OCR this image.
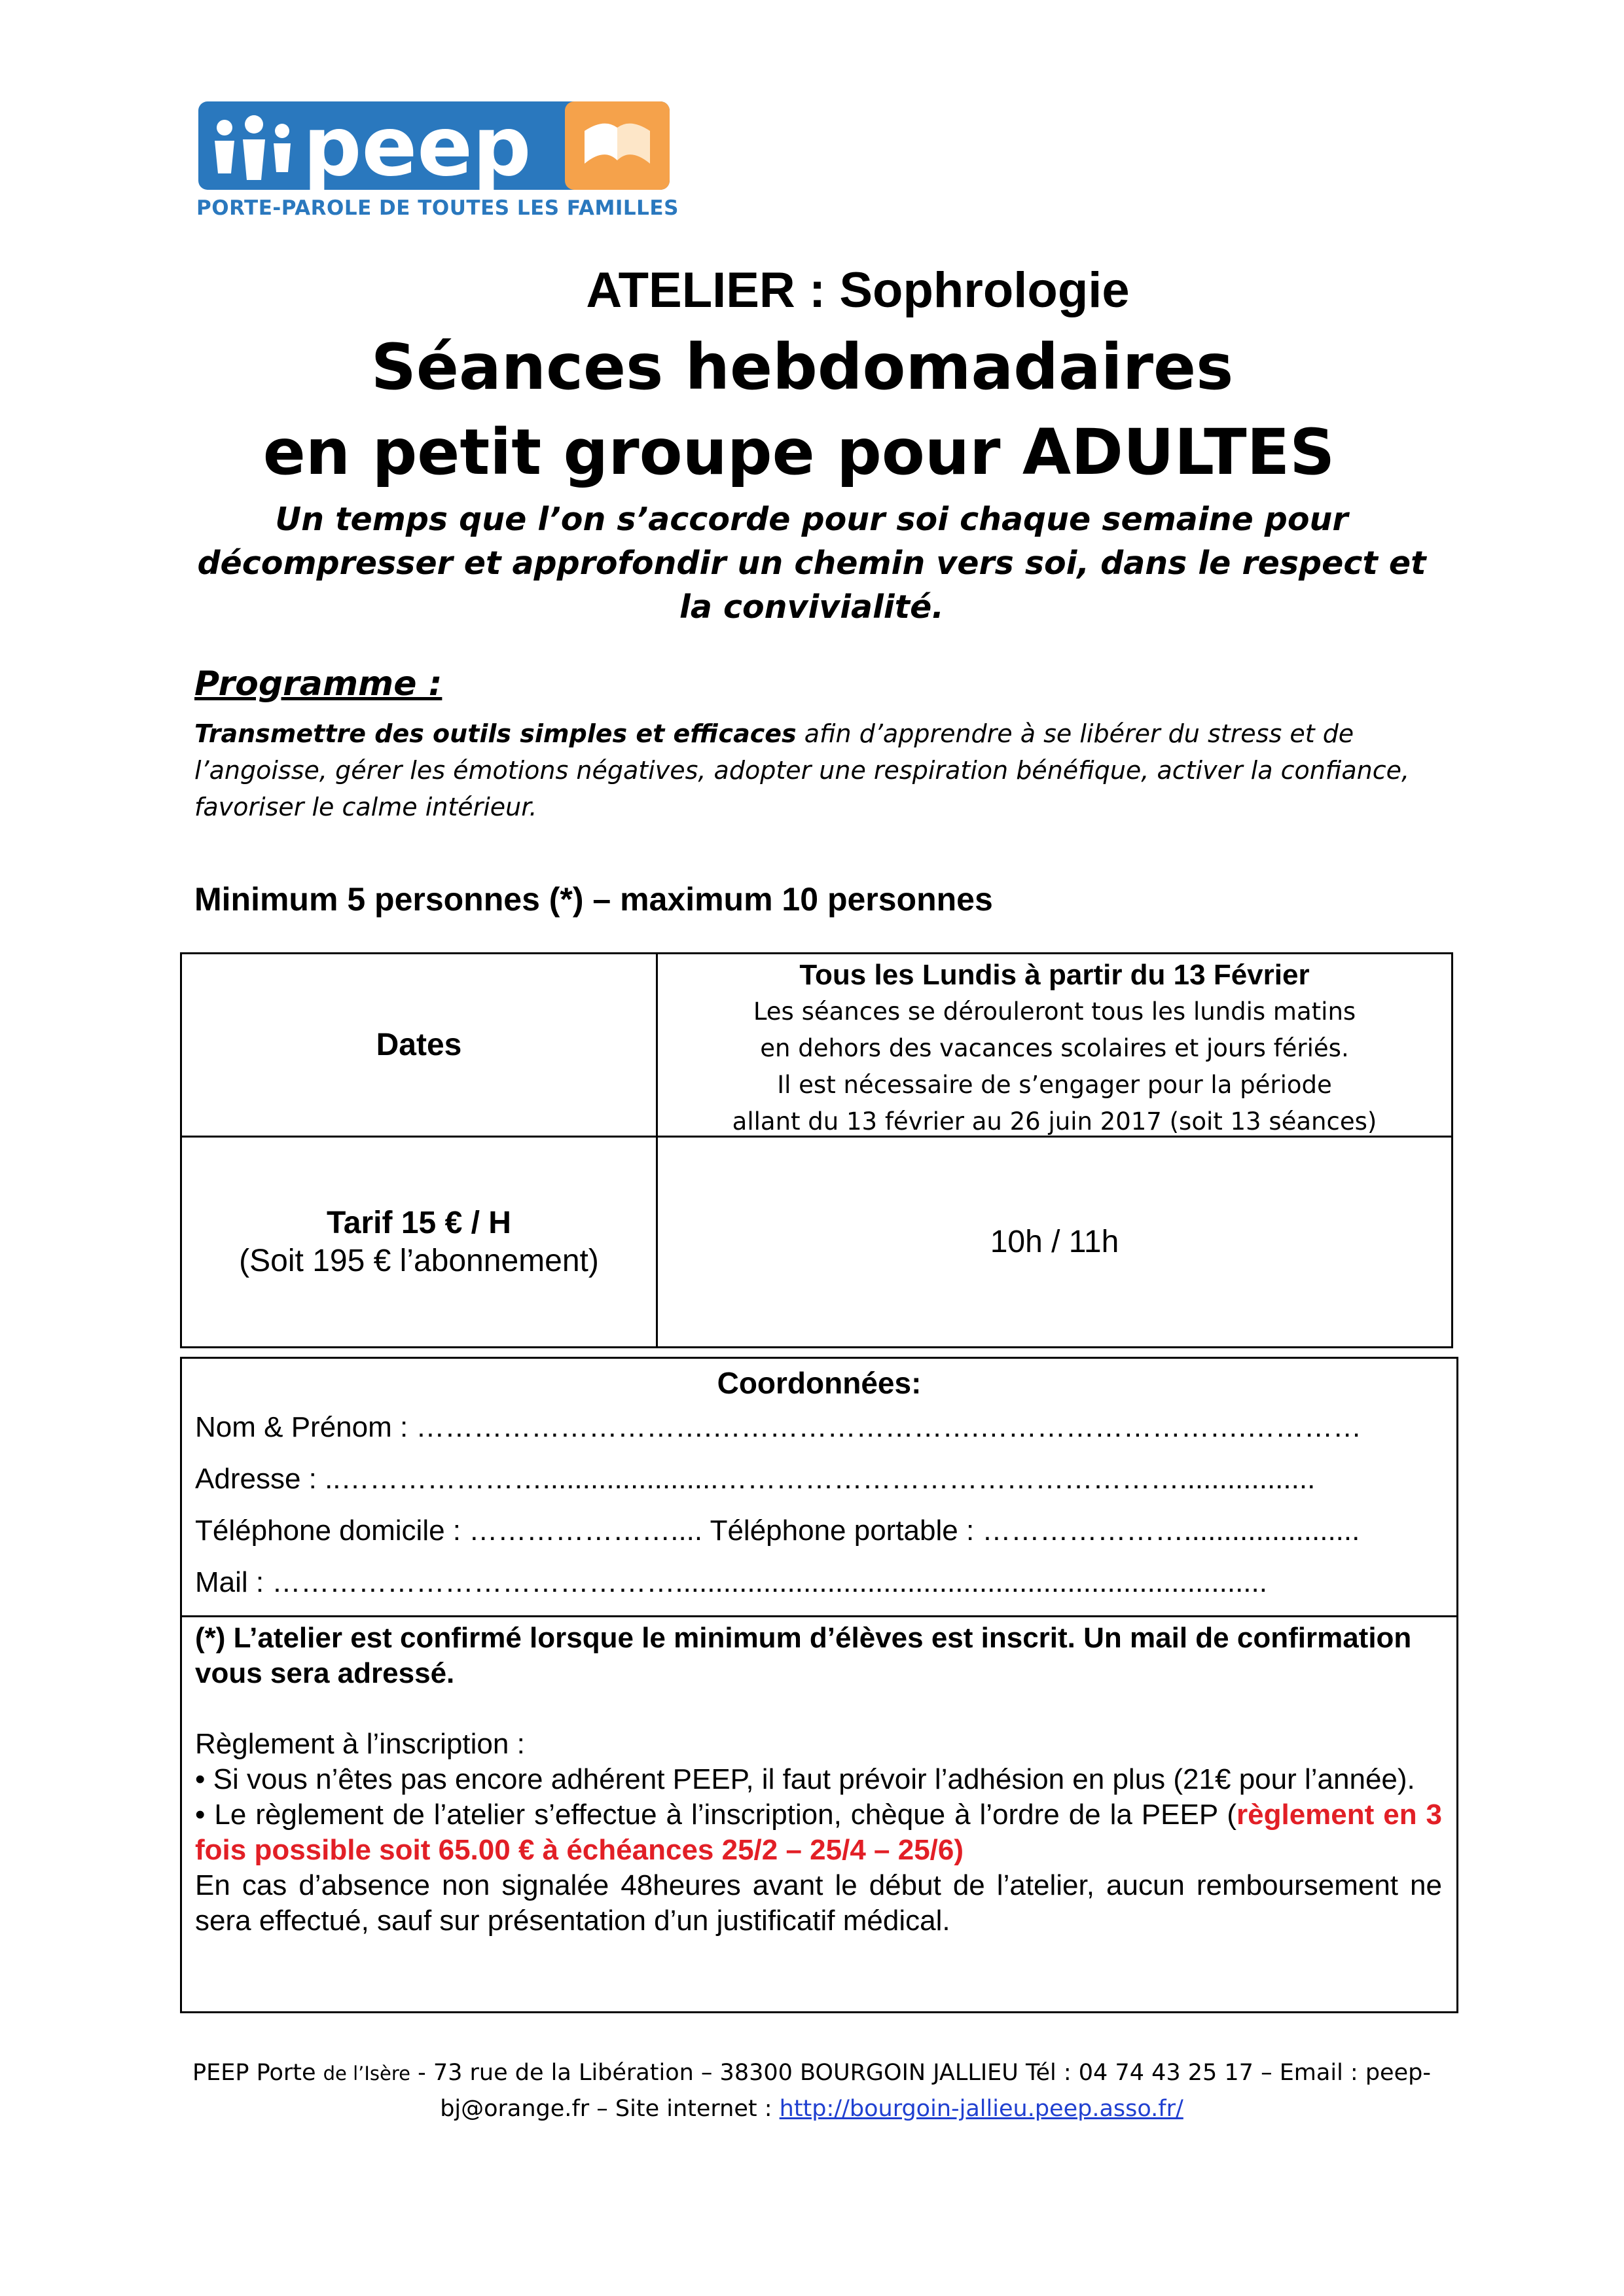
peep
PORTE-PAROLE DE TOUTES LES FAMILLES
ATELIER : Sophrologie
Séances hebdomadaires
en petit groupe pour ADULTES
Un temps que l’on s’accorde pour soi chaque semaine pour décompresser et approfondir un chemin vers soi, dans le respect et la convivialité.
Programme :
Transmettre des outils simples et efficaces afin d’apprendre à se libérer du stress et de l’angoisse, gérer les émotions négatives, adopter une respiration bénéfique, activer la confiance, favoriser le calme intérieur.
Minimum 5 personnes (*) – maximum 10 personnes
Dates
Tous les Lundis à partir du 13 Février
Les séances se dérouleront tous les lundis matins
en dehors des vacances scolaires et jours fériés.
Il est nécessaire de s’engager pour la période
allant du 13 février au 26 juin 2017 (soit 13 séances)
Tarif 15 € / H
(Soit 195 € l’abonnement)
10h / 11h
Coordonnées:
Nom & Prénom : ………………………….……………………….……………………….…………
Adresse : ..…………………......................………………………………………….................
Téléphone domicile : ………………….... Téléphone portable : …………………......................
Mail : ……………………………………..........................................................................

(*) L’atelier est confirmé lorsque le minimum d’élèves est inscrit. Un mail de confirmation vous sera adressé.

Règlement à l’inscription :

• Si vous n’êtes pas encore adhérent PEEP, il faut prévoir l’adhésion en plus (21€ pour l’année).

• Le règlement de l’atelier s’effectue à l’inscription, chèque à l’ordre de la PEEP (règlement en 3 fois possible soit 65.00 € à échéances 25/2 – 25/4 – 25/6)

En cas d’absence non signalée 48heures avant le début de l’atelier, aucun remboursement ne sera effectué, sauf sur présentation d’un justificatif médical.

PEEP Porte de l’Isère - 73 rue de la Libération – 38300 BOURGOIN JALLIEU Tél : 04 74 43 25 17 – Email : peep-bj@orange.fr – Site internet : http://bourgoin-jallieu.peep.asso.fr/
